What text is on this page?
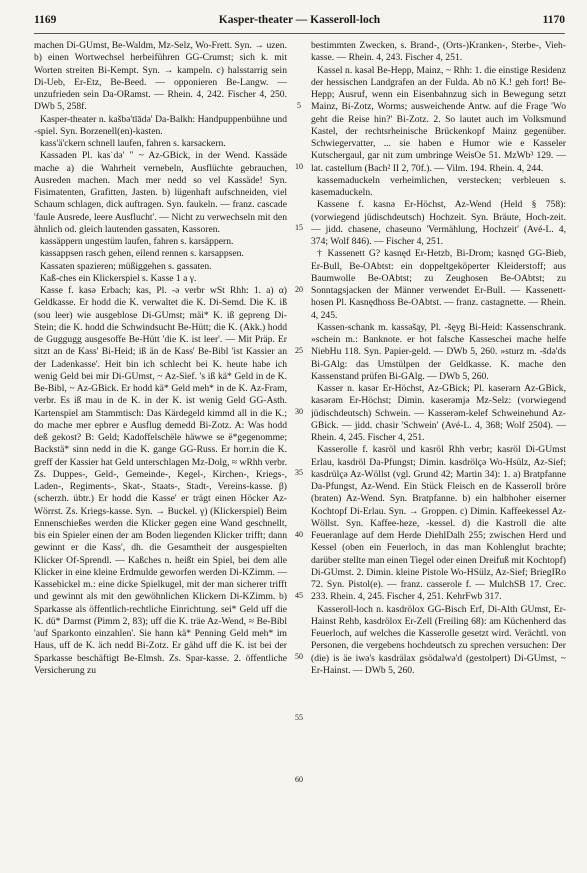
1169	Kasper-theater — Kasseroll-loch	1170

machen Di-GUmst, Be-Waldm, Mz-Selz, Wo-Frett. Syn. → uzen. b) einen Wortwechsel herbeiführen GG-Crumst; sich k. mit Worten streiten Bi-Kempt. Syn. → kampeln. c) halsstarrig sein Di-Ueb, Er-Etz, Be-Beed. — opponieren Be-Langw. — unzufrieden sein Da-ORamst. — Rhein. 4, 242. Fischer 4, 250. DWb 5, 258f.

Kasper-theater n. kašbǝ'tīādǝ' Da-Balkh: Handpuppenbühne und -spiel. Syn. Borzenell(en)-kasten.

kass'ä'ckern schnell laufen, fahren s. karsackern.

Kassaden Pl. kasˈdǝ' " ~ Az-GBick, in der Wend. Kassäde mache a) die Wahrheit vernebeln, Ausflüchte gebrauchen, Ausreden machen. Mach mer nedd so vel Kassäde! Syn. Fisimatenten, Grafitten, Jasten. b) lügenhaft aufschneiden, viel Schaum schlagen, dick auftragen. Syn. faukeln. — franz. cascade 'faule Ausrede, leere Ausflucht'. — Nicht zu verwechseln mit den ähnlich od. gleich lautenden gassaten, Kassoren.

kassäppern ungestüm laufen, fahren s. karsäppern.

kassappsen rasch gehen, eilend rennen s. karsappsen.

Kassaten spazieren; müßiggehen s. gassaten.

Kaß-ches ein Klickerspiel s. Kasse 1 a γ.

Kasse f. kasǝ Erbach; kas, Pl. -ǝ verbr wSt Rhh: 1. a) α) Geldkasse. Er hodd die K. verwaltet die K. Di-Semd. Die K. iß (sou leer) wie ausgeblose Di-GUmst; mäi* K. iß gepreng Di-Stein; die K. hodd die Schwindsucht Be-Hütt; die K. (Akk.) hodd de Guggugg ausgesoffe Be-Hütt 'die K. ist leer'. — Mit Präp. Er sitzt an de Kass' Bi-Heid; iß än de Kass' Be-Bibl 'ist Kassier an der Ladenkasse'. Heit bin ich schlecht bei K. heute habe ich wenig Geld bei mir Di-GUmst, ~ Az-Sief. 's iß kä* Geld in de K. Be-Bibl, ~ Az-GBick. Er hodd kä* Geld meh* in de K. Az-Fram, verbr. Es iß mau in de K. in der K. ist wenig Geld GG-Asth. Kartenspiel am Stammtisch: Das Kärdegeld kimmd all in die K.; do mache mer epbrer e Ausflug demedd Bi-Zotz. A: Was hodd deß gekost? B: Geld; Kadoffelschële häwwe se ë*gegenomme; Backstä* sinn nedd in die K. gange GG-Russ. Er horr.in die K. greff der Kassier hat Geld unterschlagen Mz-Dolg, ≈ wRhh verbr. Zs. Duppes-, Geld-, Gemeinde-, Kegel-, Kirchen-, Kriegs-, Laden-, Regiments-, Skat-, Staats-, Stadt-, Vereins-kasse. β) (scherzh. übtr.) Er hodd die Kasse' er trägt einen Höcker Az-Wörrst. Zs. Kriegs-kasse. Syn. → Buckel. γ) (Klickerspiel) Beim Ennenschießes werden die Klicker gegen eine Wand geschnellt, bis ein Spieler einen der am Boden liegenden Klicker trifft; dann gewinnt er die Kass', dh. die Gesamtheit der ausgespielten Klicker Of-Sprendl. — Kaßches n. heißt ein Spiel, bei dem alle Klicker in eine kleine Erdmulde geworfen werden Di-KZimm. — Kassebickel m.: eine dicke Spielkugel, mit der man sicherer trifft und gewinnt als mit den gewöhnlichen Klickern Di-KZimm. b) Sparkasse als öffentlich-rechtliche Einrichtung. sei* Geld uff die K. dü* Darmst (Pimm 2, 83); uff die K. träe Az-Wend, ≈ Be-Bibl 'auf Sparkonto einzahlen'. Sie hann kä* Penning Geld meh* im Haus, uff de K. äch nedd Bi-Zotz. Er gähd uff die K. ist bei der Sparkasse beschäftigt Be-Elmsh. Zs. Spar-kasse. 2. öffentliche Versicherung zu

5
10
15
20
25
30
35
40
45
50
55
60

bestimmten Zwecken, s. Brand-, (Orts-)Kranken-, Sterbe-, Vieh-kasse. — Rhein. 4, 243. Fischer 4, 251.

Kassel n. kasǝl Be-Hepp, Mainz, ~ Rhh: 1. die einstige Residenz der hessischen Landgrafen an der Fulda. Ab nō K.! geh fort! Be-Hepp; Ausruf, wenn ein Eisenbahnzug sich in Bewegung setzt Mainz, Bi-Zotz, Worms; ausweichende Antw. auf die Frage 'Wo geht die Reise hin?' Bi-Zotz. 2. So lautet auch im Volksmund Kastel, der rechtsrheinische Brückenkopf Mainz gegenüber. Schwiegervatter, ... sie haben e Humor wie e Kasseler Kutschergaul, gar nit zum umbringe WeisOe 51. MzWb³ 129. — lat. castellum (Bach² II 2, 70f.). — Vilm. 194. Rhein. 4, 244.

kassemaduckeln verheimlichen, verstecken; verbleuen s. kasemaduckeln.

Kassene f. kasnǝ Er-Höchst, Az-Wend (Held § 758): (vorwiegend jüdischdeutsch) Hochzeit. Syn. Bräute, Hoch-zeit. — jidd. chasene, chaseuno 'Vermählung, Hochzeit' (Avé-L. 4, 374; Wolf 846). — Fischer 4, 251.

† Kassenett G? kasnęd Er-Hetzb, Bi-Drom; kasnęd GG-Bieb, Er-Bull, Be-OAbtst: ein doppeltgeköperter Kleiderstoff; aus Baumwolle Be-OAbtst; zu Zeughosen Be-OAbtst; zu Sonntagsjacken der Männer verwendet Er-Bull. — Kassenett-hosen Pl. Kasnędhoss Be-OAbtst. — franz. castagnette. — Rhein. 4, 245.

Kassen-schank m. kassǝšąy, Pl. -šęyg Bi-Heid: Kassenschrank. »schein m.: Banknote. er hot falsche Kasseschei mache helfe NiebHu 118. Syn. Papier-geld. — DWb 5, 260. »sturz m. -šdǝ'ds Bi-GAlg: das Umstülpen der Geldkasse. K. mache den Kassenstand prüfen Bi-GAlg. — DWb 5, 260.

Kasser n. kasǝr Er-Höchst, Az-GBick; Pl. kaserǝrn Az-GBick, kasǝrǝm Er-Höchst; Dimin. kaserǝmjǝ Mz-Selz: (vorwiegend jüdischdeutsch) Schwein. — Kasserǝm-kelef Schweinehund Az-GBick. — jidd. chasir 'Schwein' (Avé-L. 4, 368; Wolf 2504). — Rhein. 4, 245. Fischer 4, 251.

Kasserolle f. kasröl und kasröl Rhh verbr; kasröl Di-GUmst Erlau, kasdröl Da-Pfungst; Dimin. kasdrölçǝ Wo-Hsülz, Az-Sief; kasdrülçǝ Az-Wöllst (vgl. Grund 42; Martin 34): 1. a) Bratpfanne Da-Pfungst, Az-Wend. Ein Stück Fleisch en de Kasseroll bröre (braten) Az-Wend. Syn. Bratpfanne. b) ein halbhoher eiserner Kochtopf Di-Erlau. Syn. → Groppen. c) Dimin. Kaffeekessel Az-Wöllst. Syn. Kaffee-heze, -kessel. d) die Kastroll die alte Feueranlage auf dem Herde DiehlDalh 255; zwischen Herd und Kessel (oben ein Feuerloch, in das man Kohlenglut brachte; darüber stellte man einen Tiegel oder einen Dreifuß mit Kochtopf) Di-GUmst. 2. Dimin. kleine Pistole Wo-HSülz, Az-Sief; BriegIRo 72. Syn. Pistol(e). — franz. casserole f. — MulchSB 17. Crec. 233. Rhein. 4, 245. Fischer 4, 251. KehrFwb 317.

Kasseroll-loch n. kasdrölox GG-Bisch Erf, Di-Alth GUmst, Er-Hainst Rehb, kasdrölox Er-Zell (Freiling 68): am Küchenherd das Feuerloch, auf welches die Kasserolle gesetzt wird. Verächtl. von Personen, die vergebens hochdeutsch zu sprechen versuchen: Der (die) is äe iwǝ's kasdrälax gsödalwǝ'd (gestolpert) Di-GUmst, ~ Er-Hainst. — DWb 5, 260.
